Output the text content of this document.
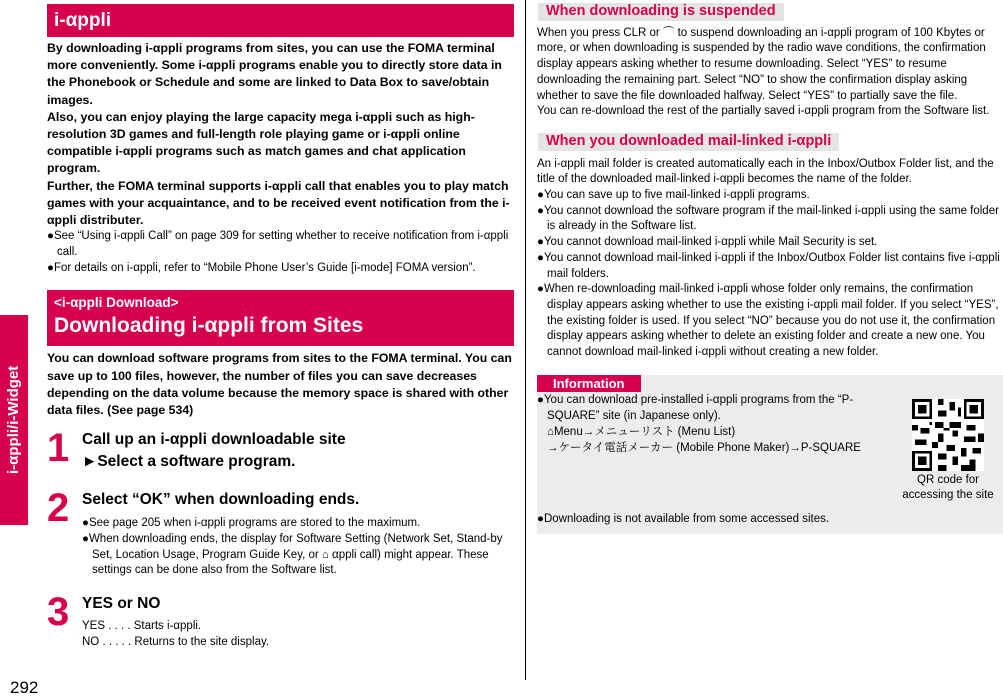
i-αppli/i-Widget
292
i-αppli

By downloading i-αppli programs from sites, you can use the FOMA terminal more conveniently. Some i-αppli programs enable you to directly store data in the Phonebook or Schedule and some are linked to Data Box to save/obtain images.

Also, you can enjoy playing the large capacity mega i-αppli such as high-resolution 3D games and full-length role playing game or i-αppli online compatible i-αppli programs such as match games and chat application program.

Further, the FOMA terminal supports i-αppli call that enables you to play match games with your acquaintance, and to be received event notification from the i-αppli distributer.

●See “Using i-αppli Call” on page 309 for setting whether to receive notification from i-αppli call.

●For details on i-αppli, refer to “Mobile Phone User’s Guide [i-mode] FOMA version”.

<i-αppli Download>
Downloading i-αppli from Sites

You can download software programs from sites to the FOMA terminal. You can save up to 100 files, however, the number of files you can save decreases depending on the data volume because the memory space is shared with other data files. (See page 534)

1 Call up an i-αppli downloadable site
►Select a software program.
2 Select “OK” when downloading ends.

●See page 205 when i-αppli programs are stored to the maximum.

●When downloading ends, the display for Software Setting (Network Set, Stand-by Set, Location Usage, Program Guide Key, or ⌂ αppli call) might appear. These settings can be done also from the Software list.

3 YES or NO

YES . . . . Starts i-αppli.

NO . . . . . Returns to the site display.

When downloading is suspended

When you press CLR or ⌒ to suspend downloading an i-αppli program of 100 Kbytes or more, or when downloading is suspended by the radio wave conditions, the confirmation display appears asking whether to resume downloading. Select “YES” to resume downloading the remaining part. Select “NO” to show the confirmation display asking whether to save the file downloaded halfway. Select “YES” to partially save the file.

You can re-download the rest of the partially saved i-αppli program from the Software list.

When you downloaded mail-linked i-αppli

An i-αppli mail folder is created automatically each in the Inbox/Outbox Folder list, and the title of the downloaded mail-linked i-αppli becomes the name of the folder.

●You can save up to five mail-linked i-αppli programs.

●You cannot download the software program if the mail-linked i-αppli using the same folder is already in the Software list.

●You cannot download mail-linked i-αppli while Mail Security is set.

●You cannot download mail-linked i-αppli if the Inbox/Outbox Folder list contains five i-αppli mail folders.

●When re-downloading mail-linked i-αppli whose folder only remains, the confirmation display appears asking whether to use the existing i-αppli mail folder. If you select “YES”, the existing folder is used. If you select “NO” because you do not use it, the confirmation display appears asking whether to delete an existing folder and create a new one. You cannot download mail-linked i-αppli without creating a new folder.

Information

●You can download pre-installed i-αppli programs from the “P-SQUARE” site (in Japanese only).

⌂Menu→メニューリスト (Menu List)

→ケータイ電話メーカー (Mobile Phone Maker)→P-SQUARE

QR code for accessing the site

●Downloading is not available from some accessed sites.
